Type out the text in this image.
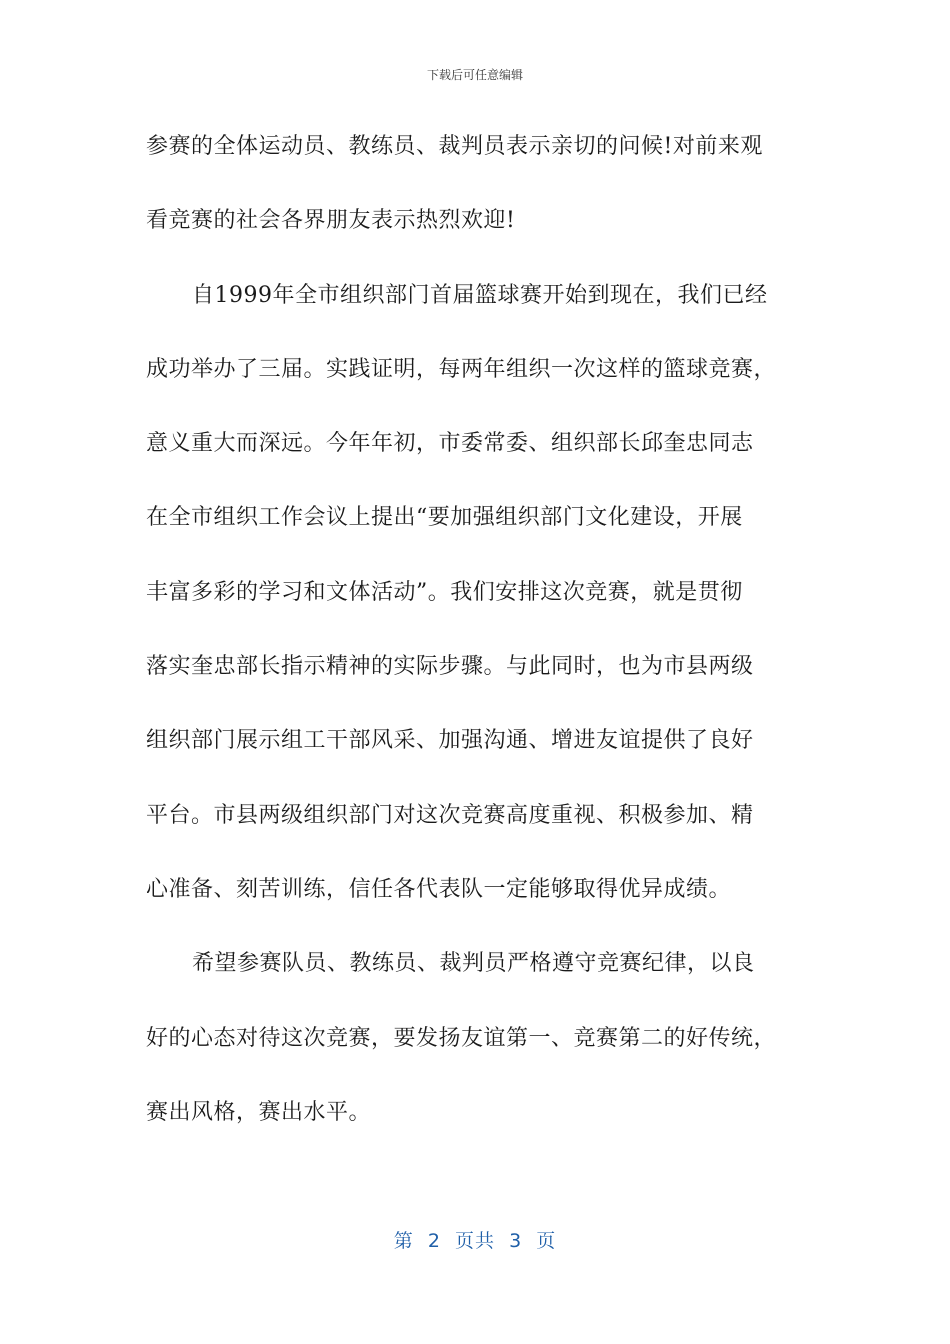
下载后可任意编辑
参赛的全体运动员、教练员、裁判员表示亲切的问候!对前来观
看竞赛的社会各界朋友表示热烈欢迎!
自1999年全市组织部门首届篮球赛开始到现在，我们已经
成功举办了三届。实践证明，每两年组织一次这样的篮球竞赛，
意义重大而深远。今年年初，市委常委、组织部长邱奎忠同志
在全市组织工作会议上提出“要加强组织部门文化建设，开展
丰富多彩的学习和文体活动”。我们安排这次竞赛，就是贯彻
落实奎忠部长指示精神的实际步骤。与此同时，也为市县两级
组织部门展示组工干部风采、加强沟通、增进友谊提供了良好
平台。市县两级组织部门对这次竞赛高度重视、积极参加、精
心准备、刻苦训练，信任各代表队一定能够取得优异成绩。
希望参赛队员、教练员、裁判员严格遵守竞赛纪律，以良
好的心态对待这次竞赛，要发扬友谊第一、竞赛第二的好传统，
赛出风格，赛出水平。
第  2  页共  3  页
